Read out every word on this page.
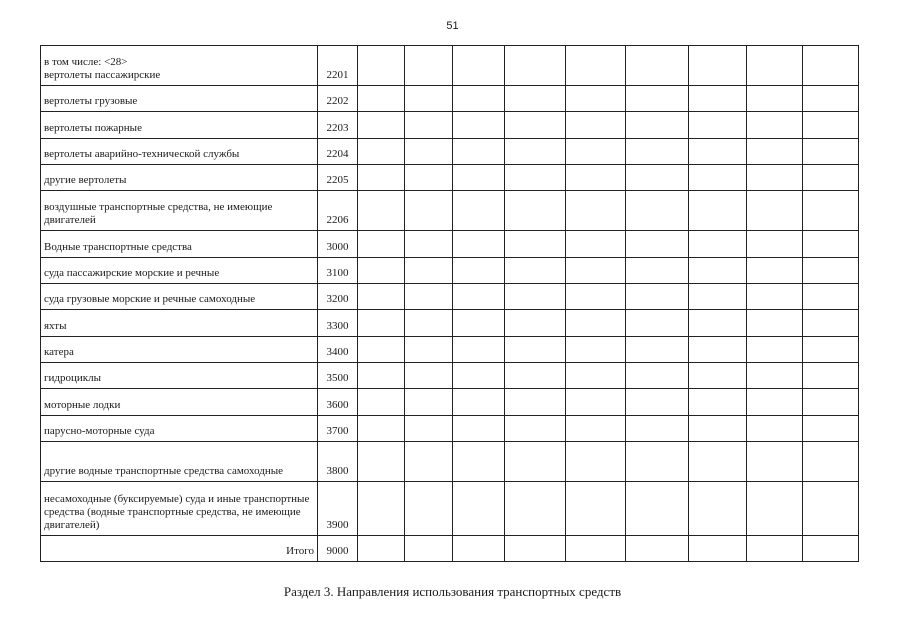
51
в том числе: <28>
вертолеты пассажирские	2201									
вертолеты грузовые	2202									
вертолеты пожарные	2203									
вертолеты аварийно-технической службы	2204									
другие вертолеты	2205									
воздушные транспортные средства, не имеющие двигателей	2206									
Водные транспортные средства	3000									
суда пассажирские морские и речные	3100									
суда грузовые морские и речные самоходные	3200									
яхты	3300									
катера	3400									
гидроциклы	3500									
моторные лодки	3600									
парусно-моторные суда	3700									
другие водные транспортные средства самоходные	3800									
несамоходные (буксируемые) суда и иные транспортные средства (водные транспортные средства, не имеющие двигателей)	3900									
Итого	9000									
Раздел 3. Направления использования транспортных средств
